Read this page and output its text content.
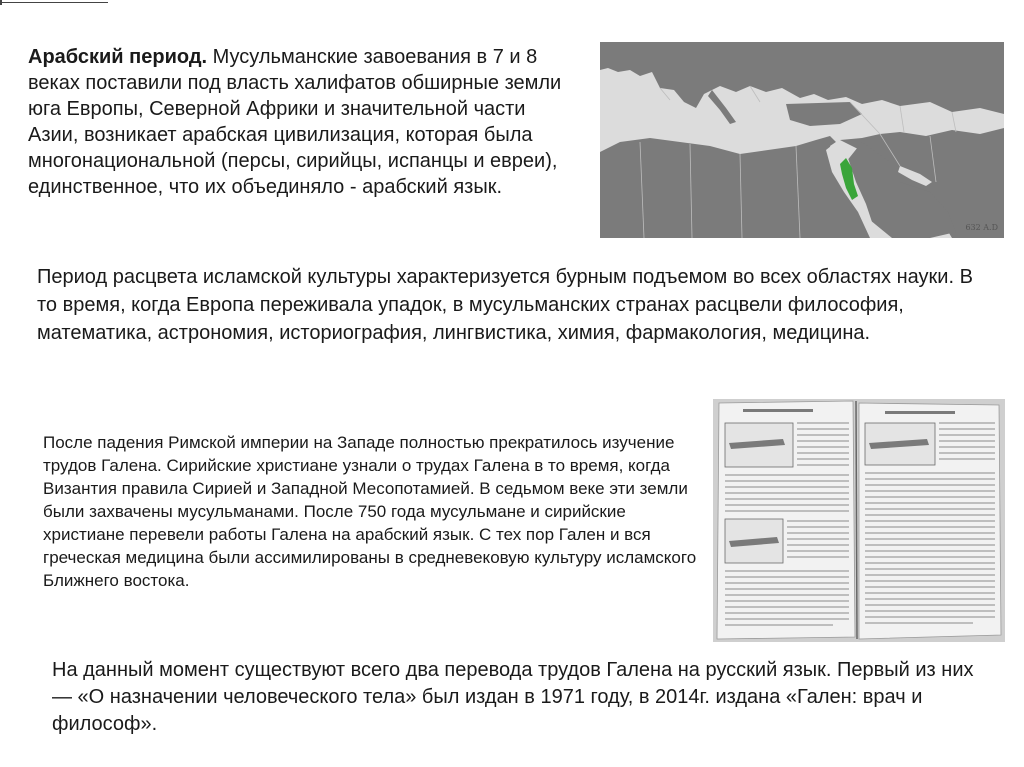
Арабский период. Мусульманские завоевания в 7 и 8 веках поставили под власть халифатов обширные земли юга Европы, Северной Африки и значительной части Азии, возникает арабская цивилизация, которая была многонациональной (персы, сирийцы, испанцы и евреи), единственное, что их объединяло - арабский язык.

632 A.D

Период расцвета исламской культуры характеризуется бурным подъемом во всех областях науки. В то время, когда Европа переживала упадок, в мусульманских странах расцвели философия, математика, астрономия, историография, лингвистика, химия, фармакология, медицина.

После падения Римской империи на Западе полностью прекратилось изучение трудов Галена. Сирийские христиане узнали о трудах Галена в то время, когда Византия правила Сирией и Западной Месопотамией. В седьмом веке эти земли были захвачены мусульманами. После 750 года мусульмане и сирийские христиане перевели работы Галена на арабский язык. С тех пор Гален и вся греческая медицина были ассимилированы в средневековую культуру исламского Ближнего востока.

На данный момент существуют всего два перевода трудов Галена на русский язык. Первый из них — «О назначении человеческого тела» был издан в 1971 году, в 2014г. издана «Гален: врач и философ».
